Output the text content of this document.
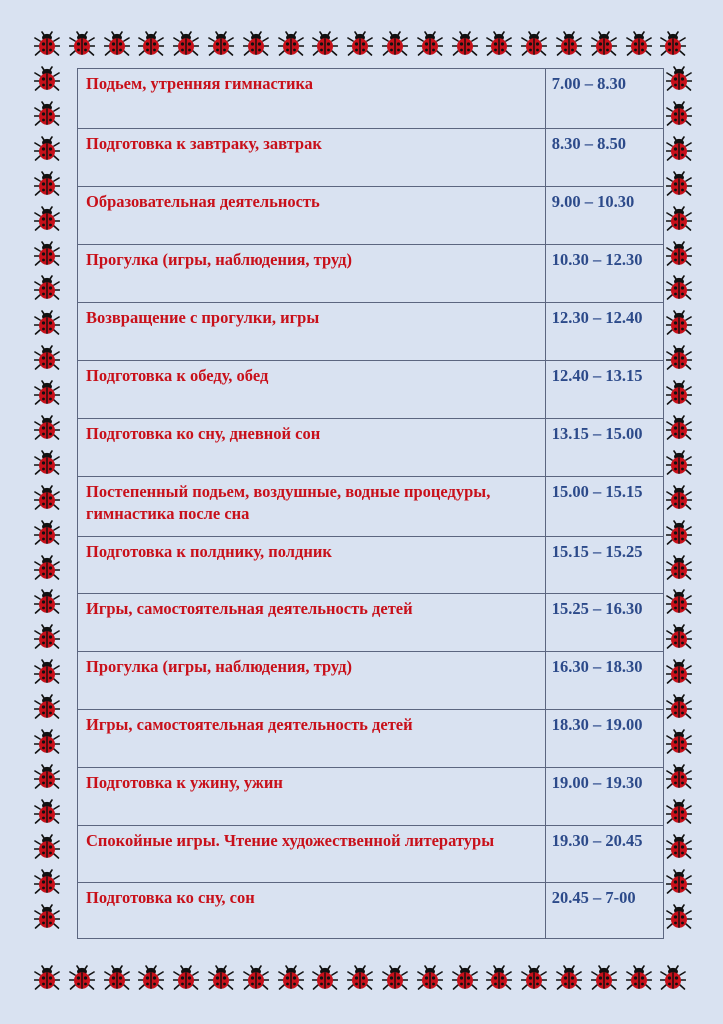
Подьем, утренняя гимнастика	7.00 – 8.30
Подготовка к завтраку, завтрак	8.30 – 8.50
Образовательная деятельность	9.00 – 10.30
Прогулка (игры, наблюдения, труд)	10.30 – 12.30
Возвращение с прогулки, игры	12.30 – 12.40
Подготовка к обеду, обед	12.40 – 13.15
Подготовка ко сну, дневной сон	13.15 – 15.00
Постепенный подьем, воздушные, водные процедуры, гимнастика после сна	15.00 – 15.15
Подготовка к полднику, полдник	15.15 – 15.25
Игры, самостоятельная деятельность детей	15.25 – 16.30
Прогулка (игры, наблюдения, труд)	16.30 – 18.30
Игры, самостоятельная деятельность детей	18.30 – 19.00
Подготовка к ужину, ужин	19.00 – 19.30
Спокойные игры. Чтение художественной литературы	19.30 – 20.45
Подготовка ко сну, сон	20.45 – 7-00
